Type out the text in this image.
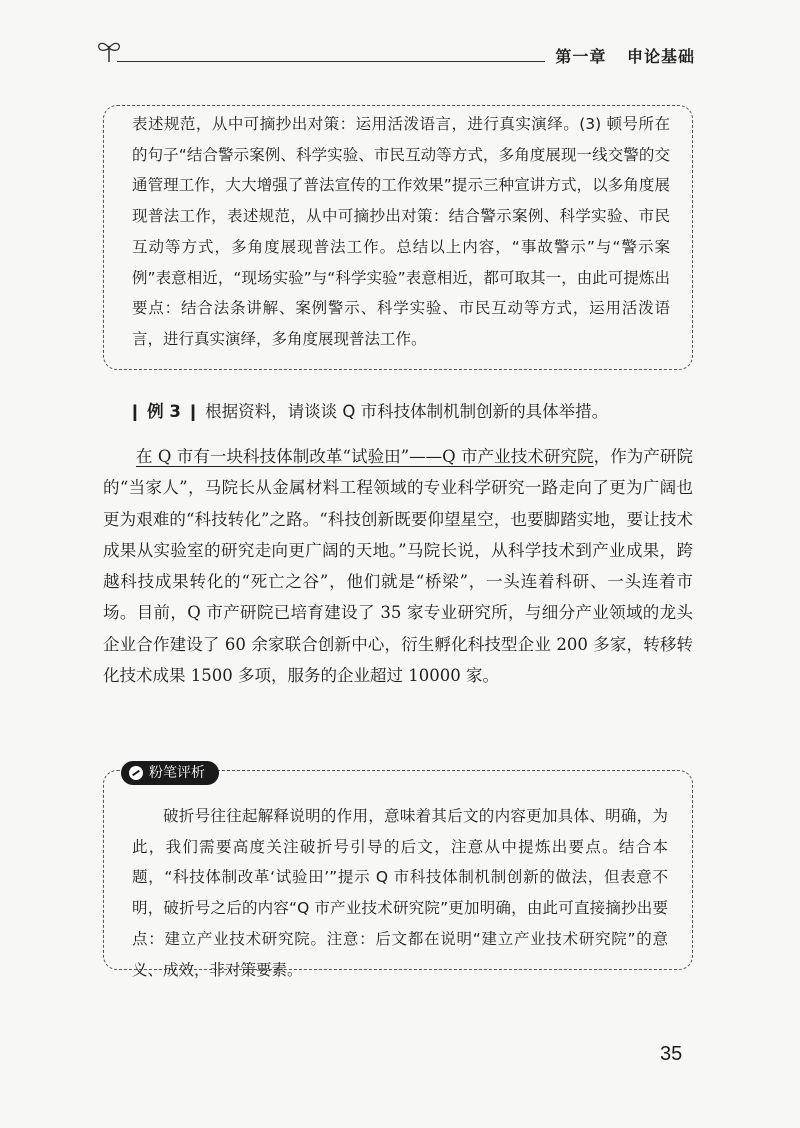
第一章 申论基础

表述规范，从中可摘抄出对策：运用活泼语言，进行真实演绎。(3) 顿号所在的句子“结合警示案例、科学实验、市民互动等方式，多角度展现一线交警的交通管理工作，大大增强了普法宣传的工作效果”提示三种宣讲方式，以多角度展现普法工作，表述规范，从中可摘抄出对策：结合警示案例、科学实验、市民互动等方式，多角度展现普法工作。总结以上内容，“事故警示”与“警示案例”表意相近，“现场实验”与“科学实验”表意相近，都可取其一，由此可提炼出要点：结合法条讲解、案例警示、科学实验、市民互动等方式，运用活泼语言，进行真实演绎，多角度展现普法工作。

❙ 例 3 ❙ 根据资料，请谈谈 Q 市科技体制机制创新的具体举措。

在 Q 市有一块科技体制改革“试验田”——Q 市产业技术研究院，作为产研院的“当家人”，马院长从金属材料工程领域的专业科学研究一路走向了更为广阔也更为艰难的“科技转化”之路。“科技创新既要仰望星空，也要脚踏实地，要让技术成果从实验室的研究走向更广阔的天地。”马院长说，从科学技术到产业成果，跨越科技成果转化的“死亡之谷”，他们就是“桥梁”，一头连着科研、一头连着市场。目前，Q 市产研院已培育建设了 35 家专业研究所，与细分产业领域的龙头企业合作建设了 60 余家联合创新中心，衍生孵化科技型企业 200 多家，转移转化技术成果 1500 多项，服务的企业超过 10000 家。

粉笔评析

破折号往往起解释说明的作用，意味着其后文的内容更加具体、明确，为此，我们需要高度关注破折号引导的后文，注意从中提炼出要点。结合本题，“科技体制改革‘试验田’”提示 Q 市科技体制机制创新的做法，但表意不明，破折号之后的内容“Q 市产业技术研究院”更加明确，由此可直接摘抄出要点：建立产业技术研究院。注意：后文都在说明“建立产业技术研究院”的意义、成效，非对策要素。

35
